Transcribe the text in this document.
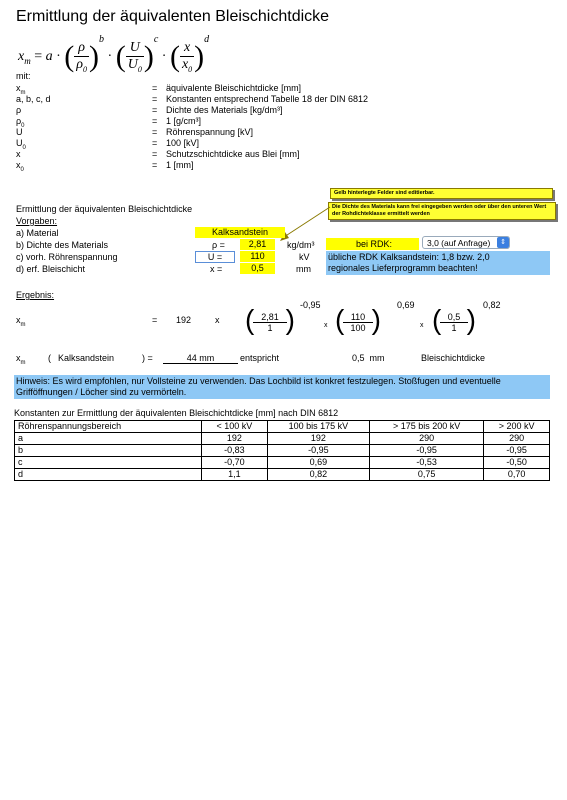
Ermittlung der äquivalenten Bleischichtdicke
$x_m = a$ · ( $\frac{\rho}{\rho_0} )^b$ · ( $\frac{U}{U_0} )^c$ · ( $\frac{x}{x_0} )^d$
mit:
$x_m$	= äquivalente Bleischichtdicke [mm]
a, b, c, d	= Konstanten entsprechend Tabelle 18 der DIN 6812
ρ	= Dichte des Materials [kg/dm³]
$\rho_0$	= 1 [g/cm³]
U	= Röhrenspannung [kV]
$U_0$	= 100 [kV]
x	= Schutzschichtdicke aus Blei [mm]
$x_0$	= 1 [mm]
Gelb hinterlegte Felder sind editierbar.
Die Dichte des Materials kann frei eingegeben werden oder über den unteren Wert der Rohdichteklasse ermittelt werden
Ermittlung der äquivalenten Bleischichtdicke
Vorgaben:
a) Material	Kalksandstein
b) Dichte des Materials	ρ =	2,81	kg/dm³
c) vorh. Röhrenspannung	U =	110	kV
d) erf. Bleischicht	x =	0,5	mm
bei RDK:	3,0 (auf Anfrage)	⇕
übliche RDK Kalksandstein: 1,8 bzw. 2,0
regionales Lieferprogramm beachten!
Ergebnis:
-0,95	0,69	0,82
$x_m$	= 192	x ( 2,81
1 )	x ( 110
100 )	x ( 0,5
1 )
$x_m$	( Kalksandstein	) =	44 mm	entspricht	0,5 mm	Bleischichtdicke
Hinweis: Es wird empfohlen, nur Vollsteine zu verwenden. Das Lochbild ist konkret festzulegen. Stoßfugen und eventuelle Grifföffnungen / Löcher sind zu vermörteln.
Konstanten zur Ermittlung der äquivalenten Bleischichtdicke [mm] nach DIN 6812
Röhrenspannungsbereich	< 100 kV	100 bis 175 kV	> 175 bis 200 kV	> 200 kV
a	192	192	290	290
b	-0,83	-0,95	-0,95	-0,95
c	-0,70	0,69	-0,53	-0,50
d	1,1	0,82	0,75	0,70
